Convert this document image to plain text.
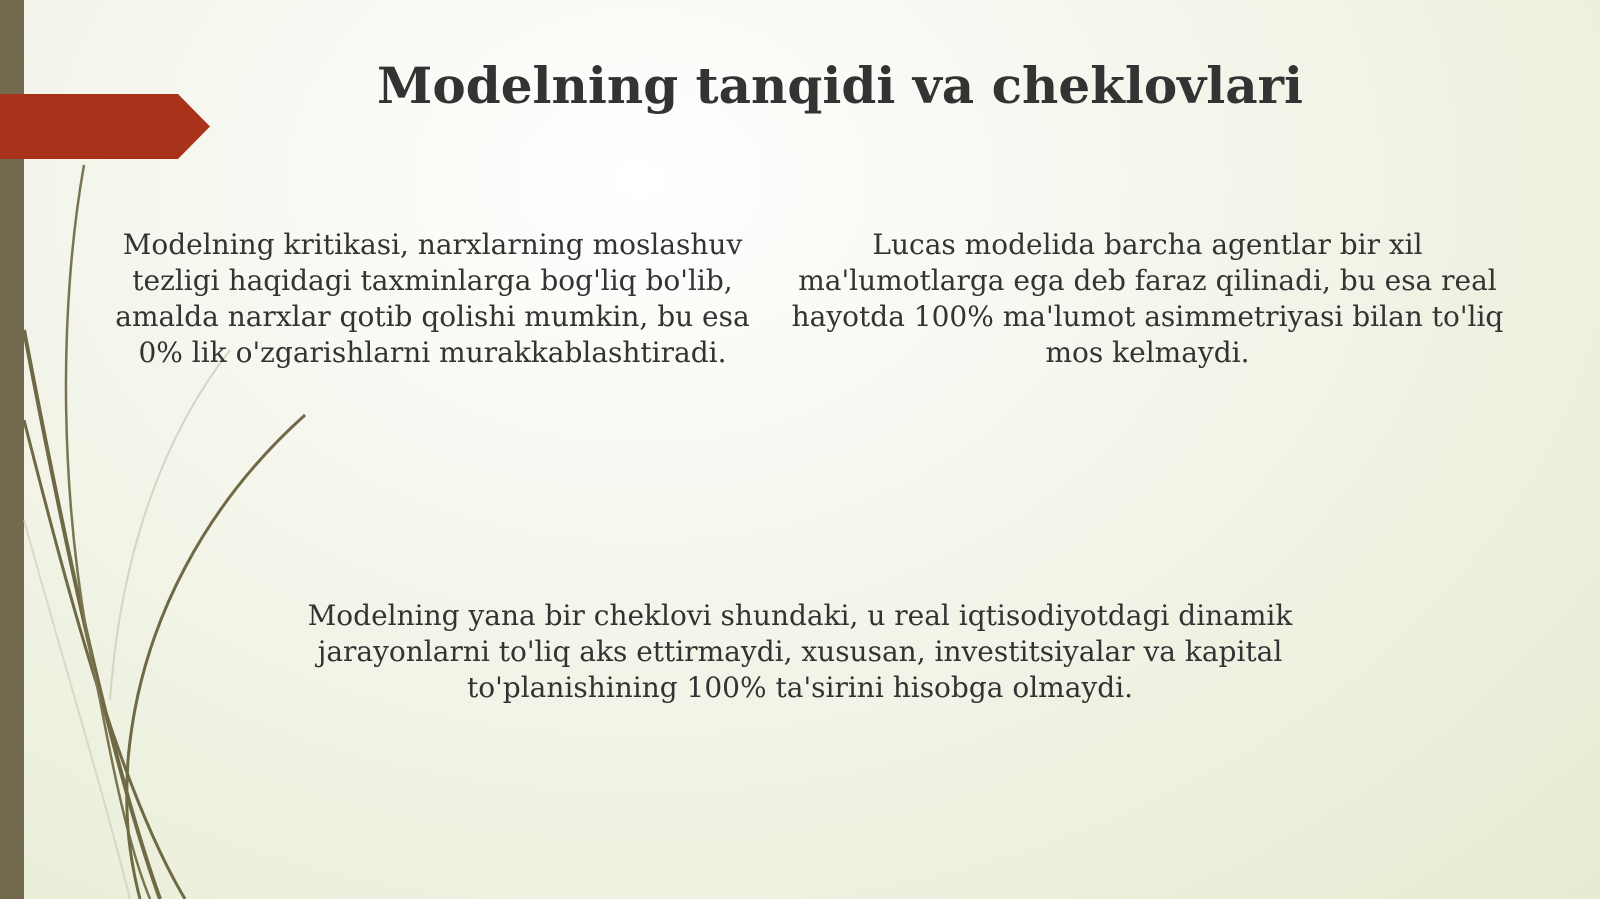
Modelning tanqidi va cheklovlari

Modelning kritikasi, narxlarning moslashuv tezligi haqidagi taxminlarga bog'liq bo'lib, amalda narxlar qotib qolishi mumkin, bu esa 0% lik o'zgarishlarni murakkablashtiradi.

Lucas modelida barcha agentlar bir xil ma'lumotlarga ega deb faraz qilinadi, bu esa real hayotda 100% ma'lumot asimmetriyasi bilan to'liq mos kelmaydi.

Modelning yana bir cheklovi shundaki, u real iqtisodiyotdagi dinamik jarayonlarni to'liq aks ettirmaydi, xususan, investitsiyalar va kapital to'planishining 100% ta'sirini hisobga olmaydi.
